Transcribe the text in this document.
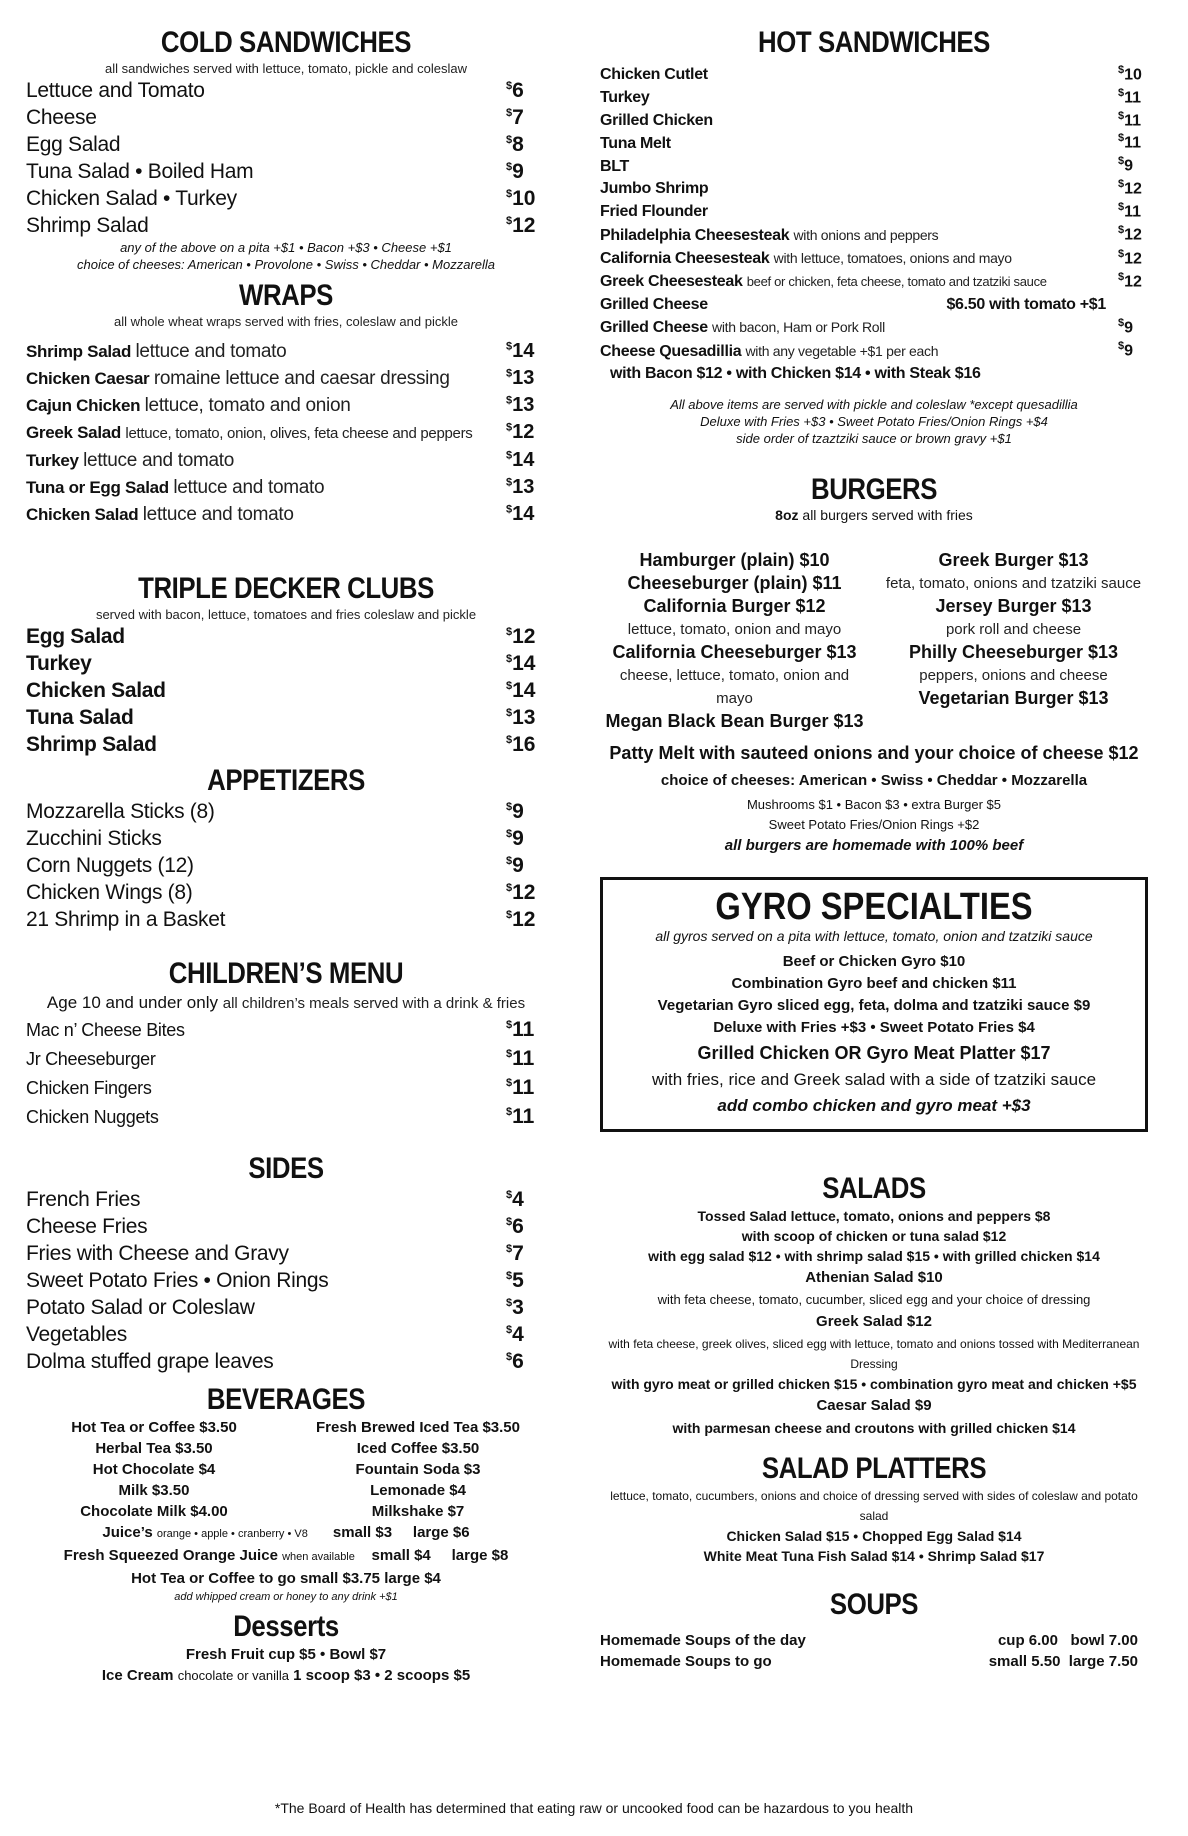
COLD SANDWICHES
all sandwiches served with lettuce, tomato, pickle and coleslaw
Lettuce and Tomato	$6
Cheese	$7
Egg Salad	$8
Tuna Salad • Boiled Ham	$9
Chicken Salad • Turkey	$10
Shrimp Salad	$12
any of the above on a pita +$1 • Bacon +$3 • Cheese +$1
choice of cheeses: American • Provolone • Swiss • Cheddar • Mozzarella
WRAPS
all whole wheat wraps served with fries, coleslaw and pickle
Shrimp Salad lettuce and tomato	$14
Chicken Caesar romaine lettuce and caesar dressing	$13
Cajun Chicken lettuce, tomato and onion	$13
Greek Salad lettuce, tomato, onion, olives, feta cheese and peppers	$12
Turkey lettuce and tomato	$14
Tuna or Egg Salad lettuce and tomato	$13
Chicken Salad lettuce and tomato	$14
TRIPLE DECKER CLUBS
served with bacon, lettuce, tomatoes and fries coleslaw and pickle
Egg Salad	$12
Turkey	$14
Chicken Salad	$14
Tuna Salad	$13
Shrimp Salad	$16
APPETIZERS
Mozzarella Sticks (8)	$9
Zucchini Sticks	$9
Corn Nuggets (12)	$9
Chicken Wings (8)	$12
21 Shrimp in a Basket	$12
CHILDREN’S MENU
Age 10 and under only all children’s meals served with a drink & fries
Mac n’ Cheese Bites	$11
Jr Cheeseburger	$11
Chicken Fingers	$11
Chicken Nuggets	$11
SIDES
French Fries	$4
Cheese Fries	$6
Fries with Cheese and Gravy	$7
Sweet Potato Fries • Onion Rings	$5
Potato Salad or Coleslaw	$3
Vegetables	$4
Dolma stuffed grape leaves	$6
BEVERAGES
Hot Tea or Coffee $3.50
Herbal Tea $3.50
Hot Chocolate $4
Milk $3.50
Chocolate Milk $4.00
Fresh Brewed Iced Tea $3.50
Iced Coffee $3.50
Fountain Soda $3
Lemonade $4
Milkshake $7
Juice’s orange • apple • cranberry • V8 small $3     large $6
Fresh Squeezed Orange Juice when available small $4     large $8
Hot Tea or Coffee to go small $3.75 large $4
add whipped cream or honey to any drink +$1
Desserts
Fresh Fruit cup $5 • Bowl $7
Ice Cream chocolate or vanilla 1 scoop $3 • 2 scoops $5
HOT SANDWICHES
Chicken Cutlet	$10
Turkey	$11
Grilled Chicken	$11
Tuna Melt	$11
BLT	$9
Jumbo Shrimp	$12
Fried Flounder	$11
Philadelphia Cheesesteak with onions and peppers	$12
California Cheesesteak with lettuce, tomatoes, onions and mayo	$12
Greek Cheesesteak beef or chicken, feta cheese, tomato and tzatziki sauce	$12
Grilled Cheese	$6.50 with tomato +$1
Grilled Cheese with bacon, Ham or Pork Roll	$9
Cheese Quesadillia with any vegetable +$1 per each	$9
with Bacon $12 • with Chicken $14 • with Steak $16
All above items are served with pickle and coleslaw *except quesadillia
Deluxe with Fries +$3 • Sweet Potato Fries/Onion Rings +$4
side order of tzaztziki sauce or brown gravy +$1
BURGERS
8oz all burgers served with fries
Hamburger (plain) $10
Cheeseburger (plain) $11
California Burger $12
lettuce, tomato, onion and mayo
California Cheeseburger $13
cheese, lettuce, tomato, onion and mayo
Megan Black Bean Burger $13
Greek Burger $13
feta, tomato, onions and tzatziki sauce
Jersey Burger $13
pork roll and cheese
Philly Cheeseburger $13
peppers, onions and cheese
Vegetarian Burger $13
Patty Melt with sauteed onions and your choice of cheese $12
choice of cheeses: American • Swiss • Cheddar • Mozzarella
Mushrooms $1 • Bacon $3 • extra Burger $5
Sweet Potato Fries/Onion Rings +$2
all burgers are homemade with 100% beef
GYRO SPECIALTIES
all gyros served on a pita with lettuce, tomato, onion and tzatziki sauce
Beef or Chicken Gyro $10
Combination Gyro beef and chicken $11
Vegetarian Gyro sliced egg, feta, dolma and tzatziki sauce $9
Deluxe with Fries +$3 • Sweet Potato Fries $4
Grilled Chicken OR Gyro Meat Platter $17
with fries, rice and Greek salad with a side of tzatziki sauce
add combo chicken and gyro meat +$3
SALADS
Tossed Salad lettuce, tomato, onions and peppers $8
with scoop of chicken or tuna salad $12
with egg salad $12 • with shrimp salad $15 • with grilled chicken $14
Athenian Salad $10
with feta cheese, tomato, cucumber, sliced egg and your choice of dressing
Greek Salad $12
with feta cheese, greek olives, sliced egg with lettuce, tomato and onions tossed with Mediterranean Dressing
with gyro meat or grilled chicken $15 • combination gyro meat and chicken +$5
Caesar Salad $9
with parmesan cheese and croutons with grilled chicken $14
SALAD PLATTERS
lettuce, tomato, cucumbers, onions and choice of dressing served with sides of coleslaw and potato salad
Chicken Salad $15 • Chopped Egg Salad $14
White Meat Tuna Fish Salad $14 • Shrimp Salad $17
SOUPS
Homemade Soups of the day	cup 6.00   bowl 7.00
Homemade Soups to go	small 5.50  large 7.50
*The Board of Health has determined that eating raw or uncooked food can be hazardous to you health
